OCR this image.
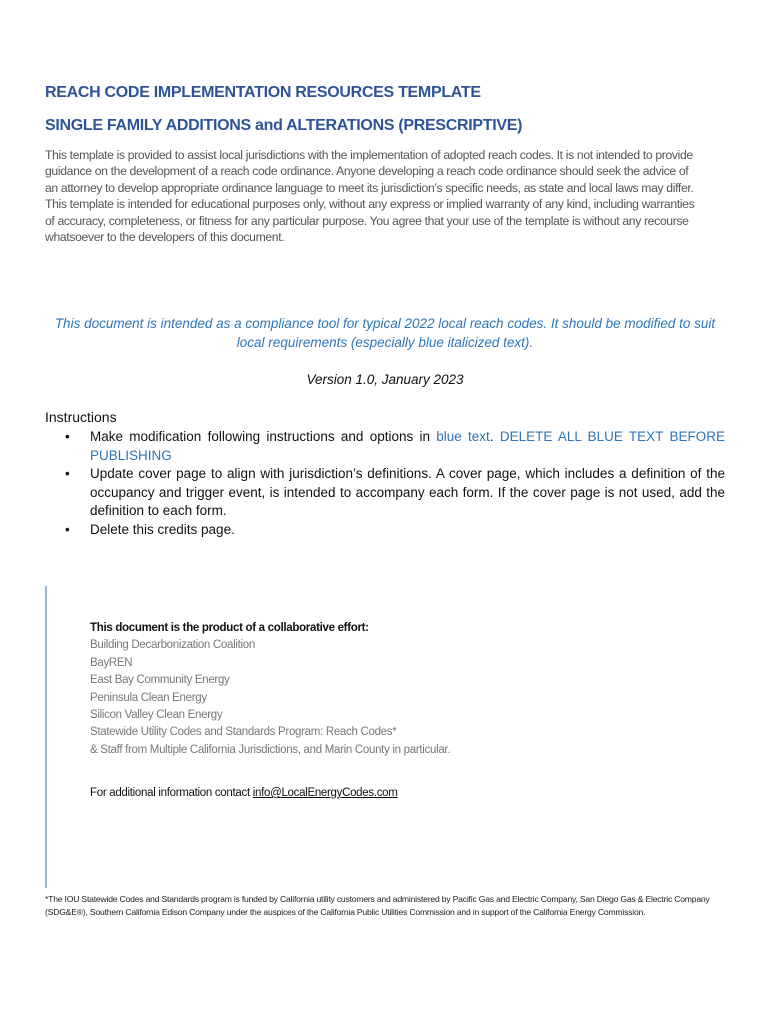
REACH CODE IMPLEMENTATION RESOURCES TEMPLATE
SINGLE FAMILY ADDITIONS and ALTERATIONS (PRESCRIPTIVE)
This template is provided to assist local jurisdictions with the implementation of adopted reach codes. It is not intended to provide guidance on the development of a reach code ordinance. Anyone developing a reach code ordinance should seek the advice of an attorney to develop appropriate ordinance language to meet its jurisdiction’s specific needs, as state and local laws may differ. This template is intended for educational purposes only, without any express or implied warranty of any kind, including warranties of accuracy, completeness, or fitness for any particular purpose. You agree that your use of the template is without any recourse whatsoever to the developers of this document.
This document is intended as a compliance tool for typical 2022 local reach codes. It should be modified to suit local requirements (especially blue italicized text).
Version 1.0, January 2023
Instructions
• Make modification following instructions and options in blue text. DELETE ALL BLUE TEXT BEFORE PUBLISHING
• Update cover page to align with jurisdiction’s definitions. A cover page, which includes a definition of the occupancy and trigger event, is intended to accompany each form. If the cover page is not used, add the definition to each form.
• Delete this credits page.
This document is the product of a collaborative effort:
Building Decarbonization Coalition
BayREN
East Bay Community Energy
Peninsula Clean Energy
Silicon Valley Clean Energy
Statewide Utility Codes and Standards Program: Reach Codes*
& Staff from Multiple California Jurisdictions, and Marin County in particular.
For additional information contact info@LocalEnergyCodes.com
*The IOU Statewide Codes and Standards program is funded by California utility customers and administered by Pacific Gas and Electric Company, San Diego Gas & Electric Company (SDG&E®), Southern California Edison Company under the auspices of the California Public Utilities Commission and in support of the California Energy Commission.
